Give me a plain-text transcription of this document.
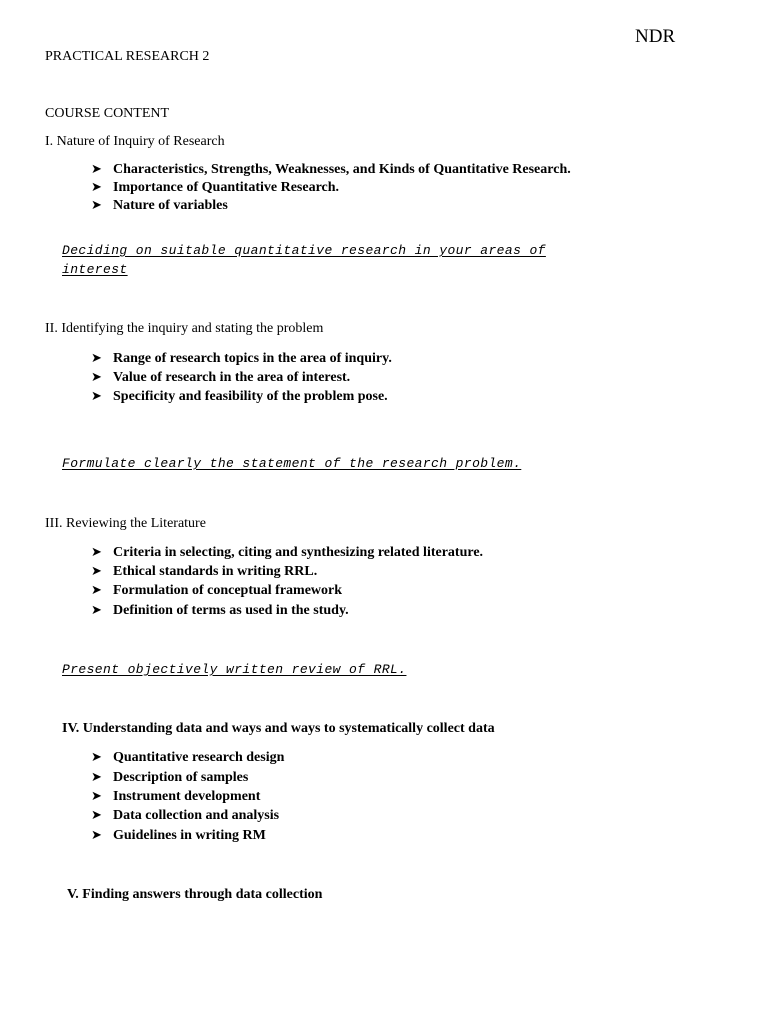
NDR
PRACTICAL RESEARCH 2
COURSE CONTENT
I. Nature of Inquiry of Research
➤ Characteristics, Strengths, Weaknesses, and Kinds of Quantitative Research.
➤ Importance of Quantitative Research.
➤ Nature of variables
Deciding on suitable quantitative research in your areas of
interest
II. Identifying the inquiry and stating the problem
➤ Range of research topics in the area of inquiry.
➤ Value of research in the area of interest.
➤ Specificity and feasibility of the problem pose.
Formulate clearly the statement of the research problem.
III. Reviewing the Literature
➤ Criteria in selecting, citing and synthesizing related literature.
➤ Ethical standards in writing RRL.
➤ Formulation of conceptual framework
➤ Definition of terms as used in the study.
Present objectively written review of RRL.
IV. Understanding data and ways and ways to systematically collect data
➤ Quantitative research design
➤ Description of samples
➤ Instrument development
➤ Data collection and analysis
➤ Guidelines in writing RM
V. Finding answers through data collection
